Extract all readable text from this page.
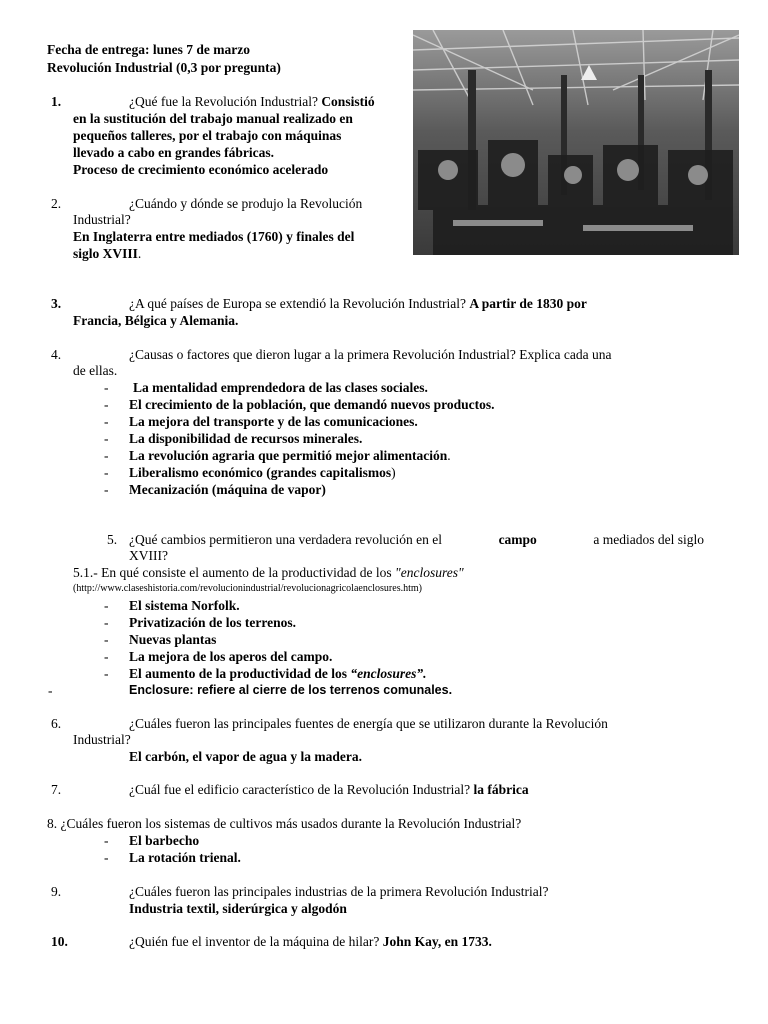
Fecha de entrega: lunes 7 de marzo
Revolución Industrial (0,3 por pregunta)
1.	¿Qué fue la Revolución Industrial? Consistió
en la sustitución del trabajo manual realizado en
pequeños talleres, por el trabajo con máquinas
llevado a cabo en grandes fábricas.
Proceso de crecimiento económico acelerado
2.	¿Cuándo y dónde se produjo la Revolución
Industrial?
En Inglaterra entre mediados (1760) y finales del
siglo XVIII.
3.	¿A qué países de Europa se extendió la Revolución Industrial? A partir de 1830 por
Francia, Bélgica y Alemania.
4.	¿Causas o factores que dieron lugar a la primera Revolución Industrial? Explica cada una
de ellas.
- La mentalidad emprendedora de las clases sociales.
- El crecimiento de la población, que demandó nuevos productos.
- La mejora del transporte y de las comunicaciones.
- La disponibilidad de recursos minerales.
- La revolución agraria que permitió mejor alimentación.
- Liberalismo económico (grandes capitalismos)
- Mecanización (máquina de vapor)
5. ¿Qué cambios permitieron una verdadera revolución en el	campo	a mediados del siglo
XVIII?
5.1.- En qué consiste el aumento de la productividad de los "enclosures"
(http://www.claseshistoria.com/revolucionindustrial/revolucionagricolaenclosures.htm)
- El sistema Norfolk.
- Privatización de los terrenos.
- Nuevas plantas
- La mejora de los aperos del campo.
- El aumento de la productividad de los “enclosures”.
-	Enclosure: refiere al cierre de los terrenos comunales.
6.	¿Cuáles fueron las principales fuentes de energía que se utilizaron durante la Revolución
Industrial?
El carbón, el vapor de agua y la madera.
7.	¿Cuál fue el edificio característico de la Revolución Industrial? la fábrica
8. ¿Cuáles fueron los sistemas de cultivos más usados durante la Revolución Industrial?
- El barbecho
- La rotación trienal.
9.	¿Cuáles fueron las principales industrias de la primera Revolución Industrial?
Industria textil, siderúrgica y algodón
10.	¿Quién fue el inventor de la máquina de hilar? John Kay, en 1733.
